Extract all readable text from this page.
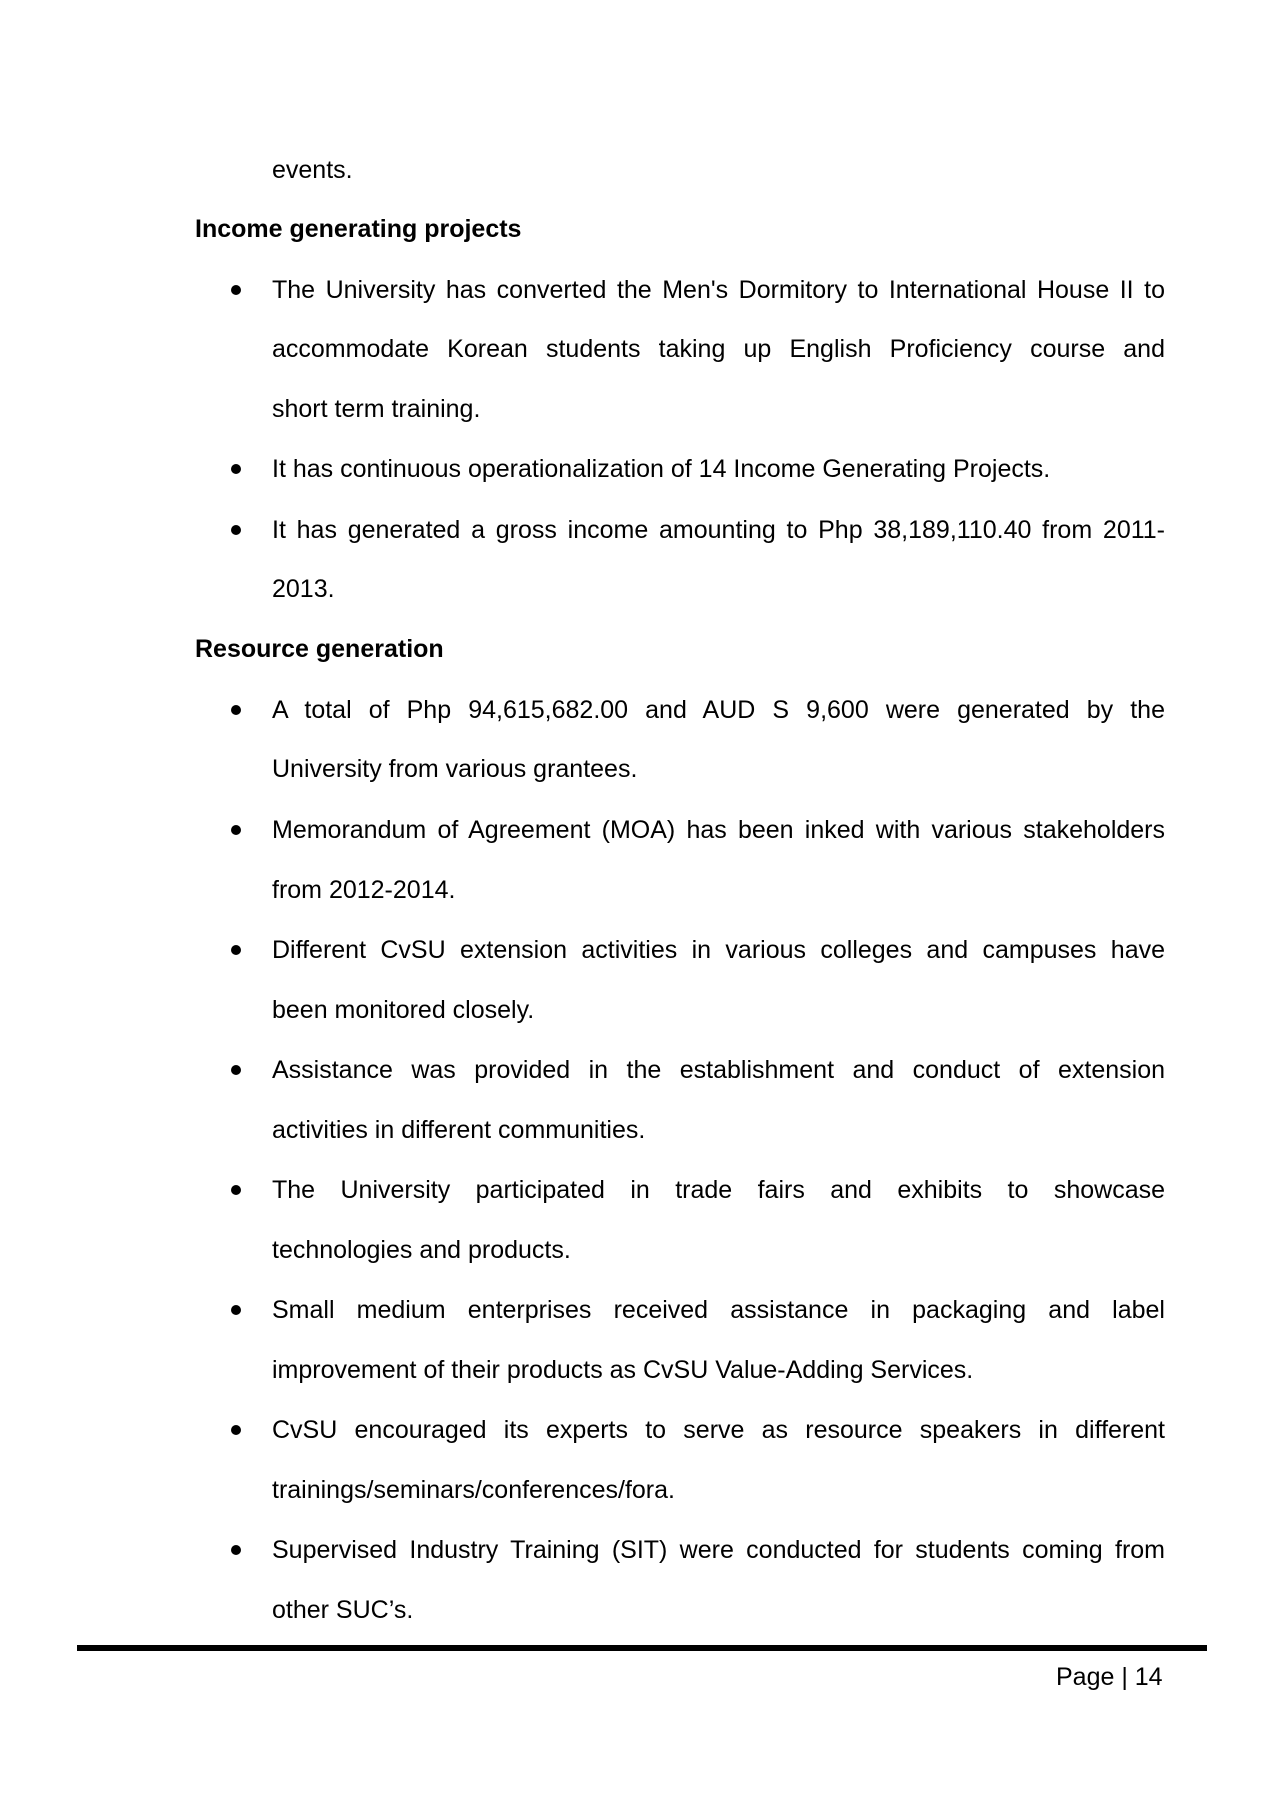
events.
Income generating projects
The University has converted the Men's Dormitory to International House II to
accommodate Korean students taking up English Proficiency course and
short term training.
It has continuous operationalization of 14 Income Generating Projects.
It has generated a gross income amounting to Php 38,189,110.40 from 2011-
2013.
Resource generation
A total of Php 94,615,682.00 and AUD S 9,600 were generated by the
University from various grantees.
Memorandum of Agreement (MOA) has been inked with various stakeholders
from 2012-2014.
Different CvSU extension activities in various colleges and campuses have
been monitored closely.
Assistance was provided in the establishment and conduct of extension
activities in different communities.
The University participated in trade fairs and exhibits to showcase
technologies and products.
Small medium enterprises received assistance in packaging and label
improvement of their products as CvSU Value-Adding Services.
CvSU encouraged its experts to serve as resource speakers in different
trainings/seminars/conferences/fora.
Supervised Industry Training (SIT) were conducted for students coming from
other SUC’s.
Page | 14
